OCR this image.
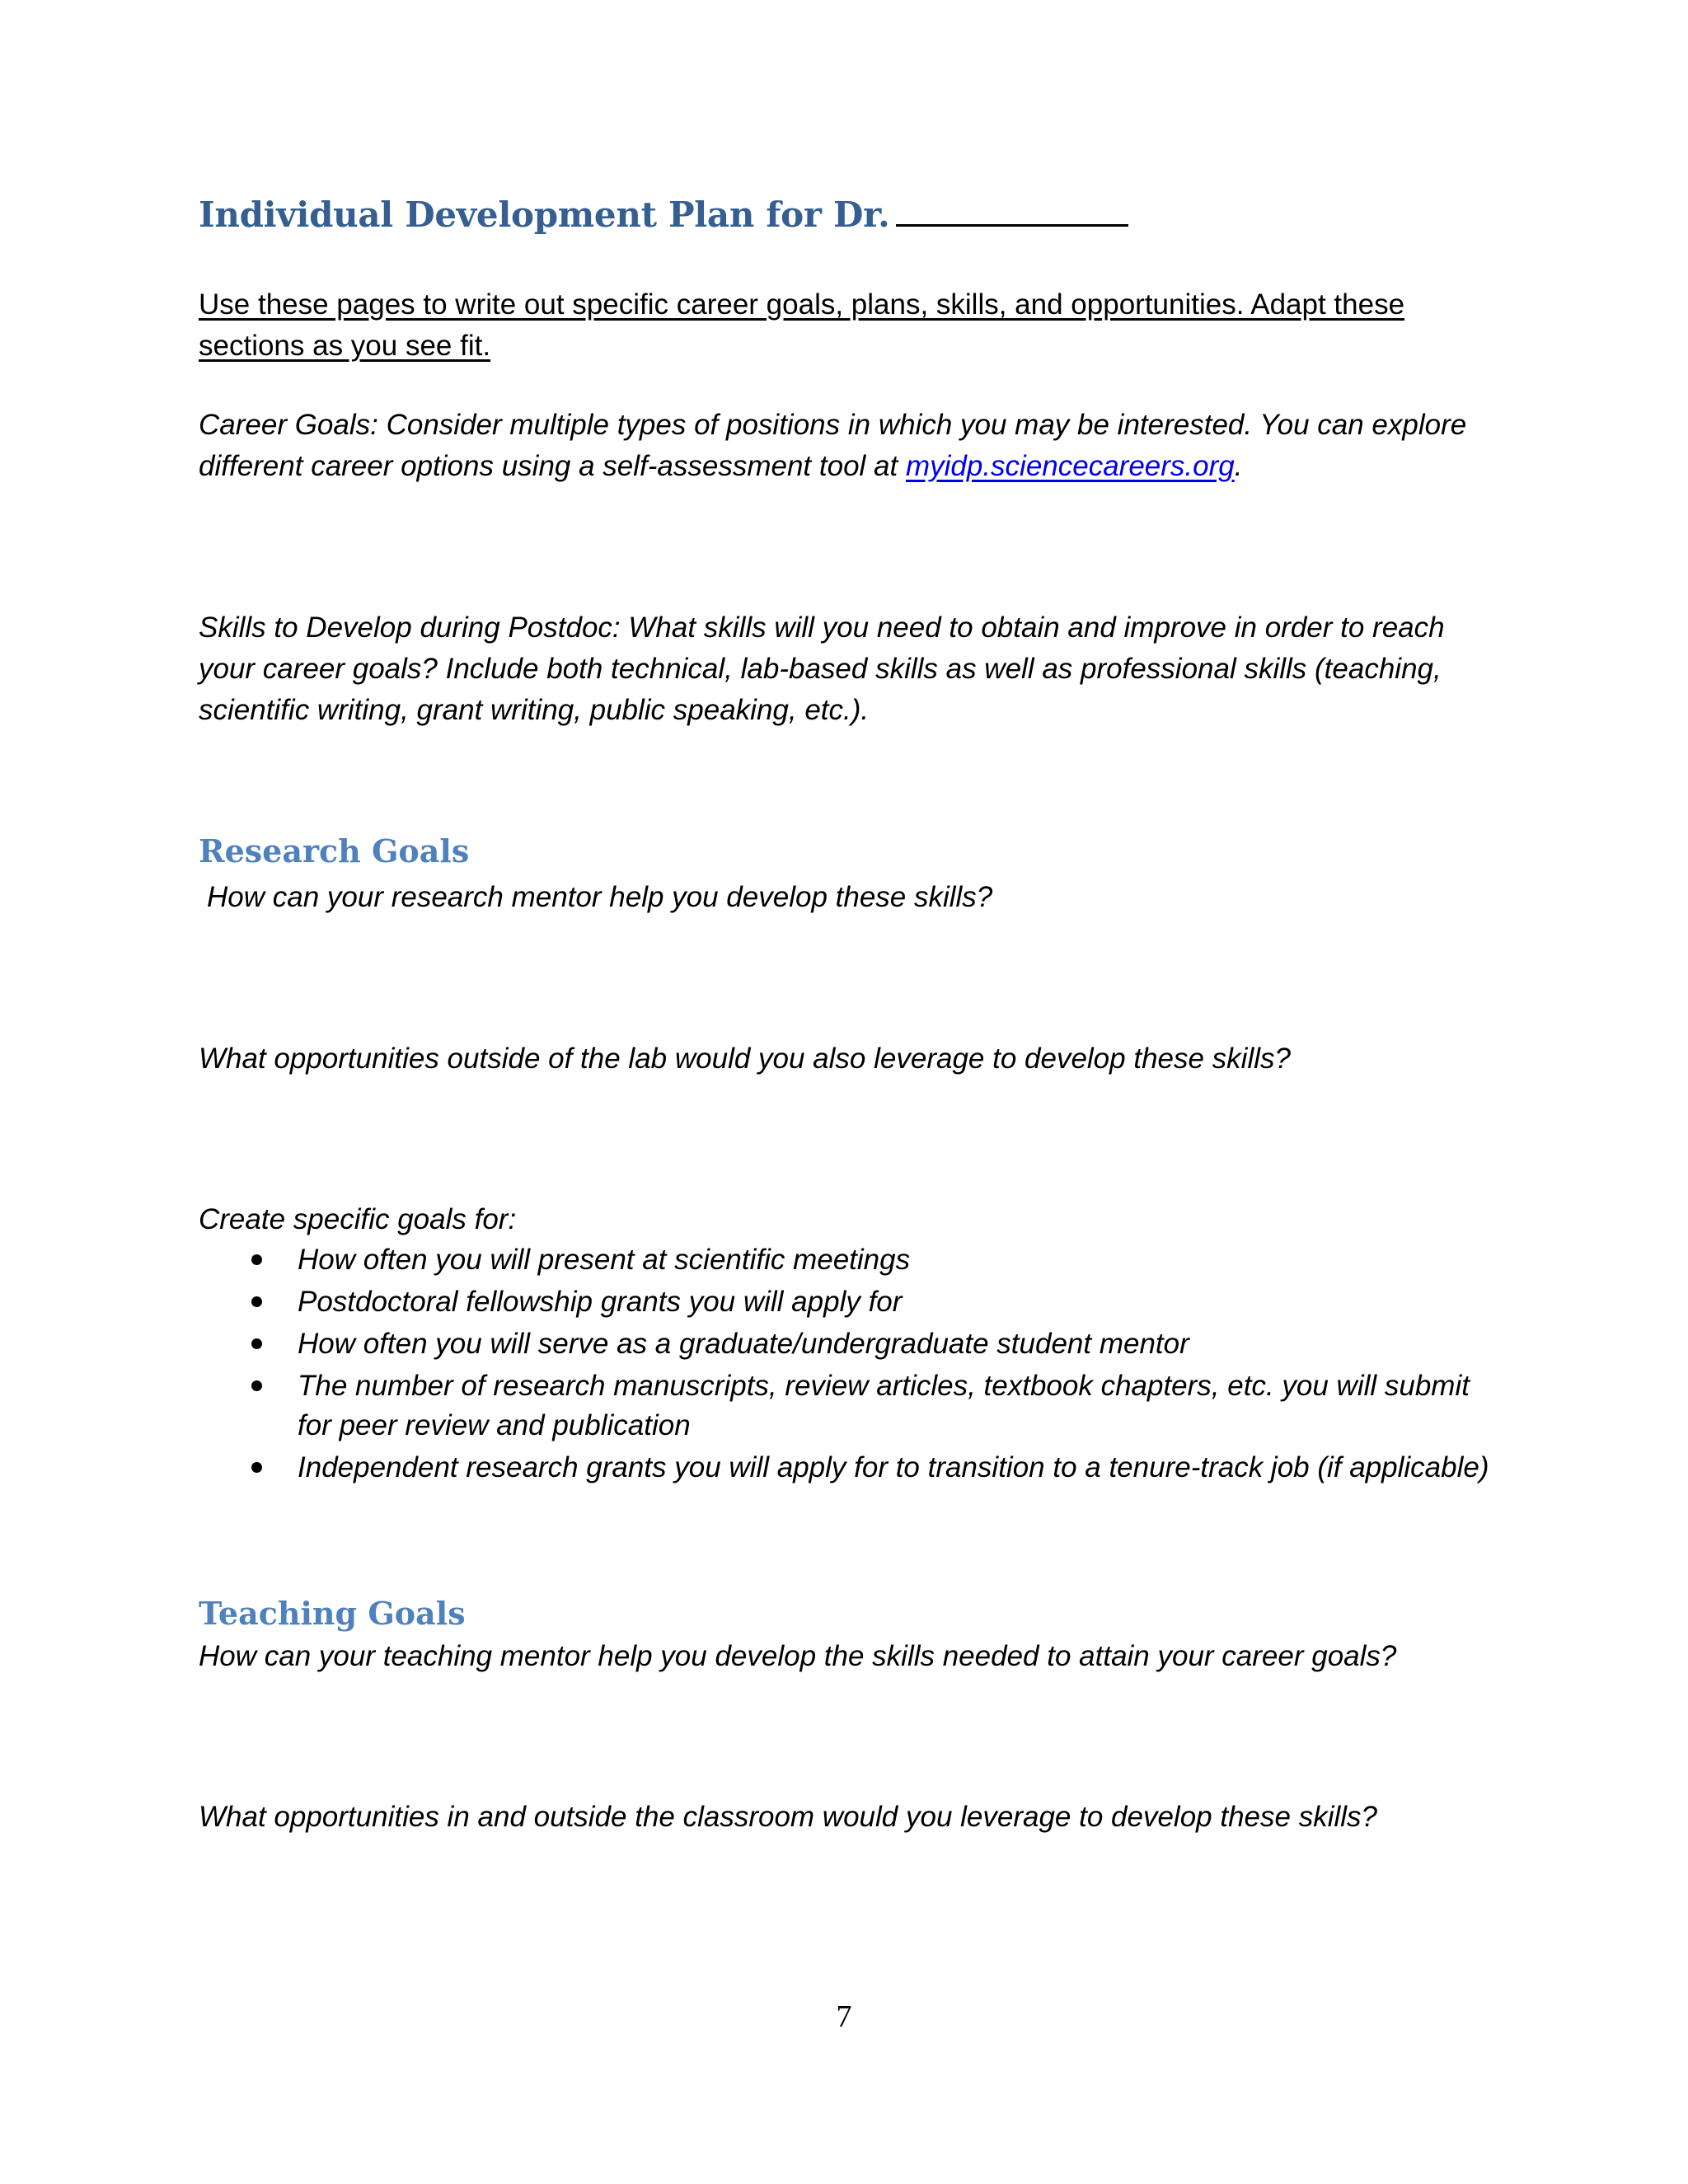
Individual Development Plan for Dr.
Use these pages to write out specific career goals, plans, skills, and opportunities. Adapt these sections as you see fit.
Career Goals: Consider multiple types of positions in which you may be interested. You can explore different career options using a self-assessment tool at myidp.sciencecareers.org.
Skills to Develop during Postdoc: What skills will you need to obtain and improve in order to reach your career goals? Include both technical, lab-based skills as well as professional skills (teaching, scientific writing, grant writing, public speaking, etc.).
Research Goals
How can your research mentor help you develop these skills?
What opportunities outside of the lab would you also leverage to develop these skills?
Create specific goals for:
How often you will present at scientific meetings
Postdoctoral fellowship grants you will apply for
How often you will serve as a graduate/undergraduate student mentor
The number of research manuscripts, review articles, textbook chapters, etc. you will submit for peer review and publication
Independent research grants you will apply for to transition to a tenure-track job (if applicable)
Teaching Goals
How can your teaching mentor help you develop the skills needed to attain your career goals?
What opportunities in and outside the classroom would you leverage to develop these skills?
7
